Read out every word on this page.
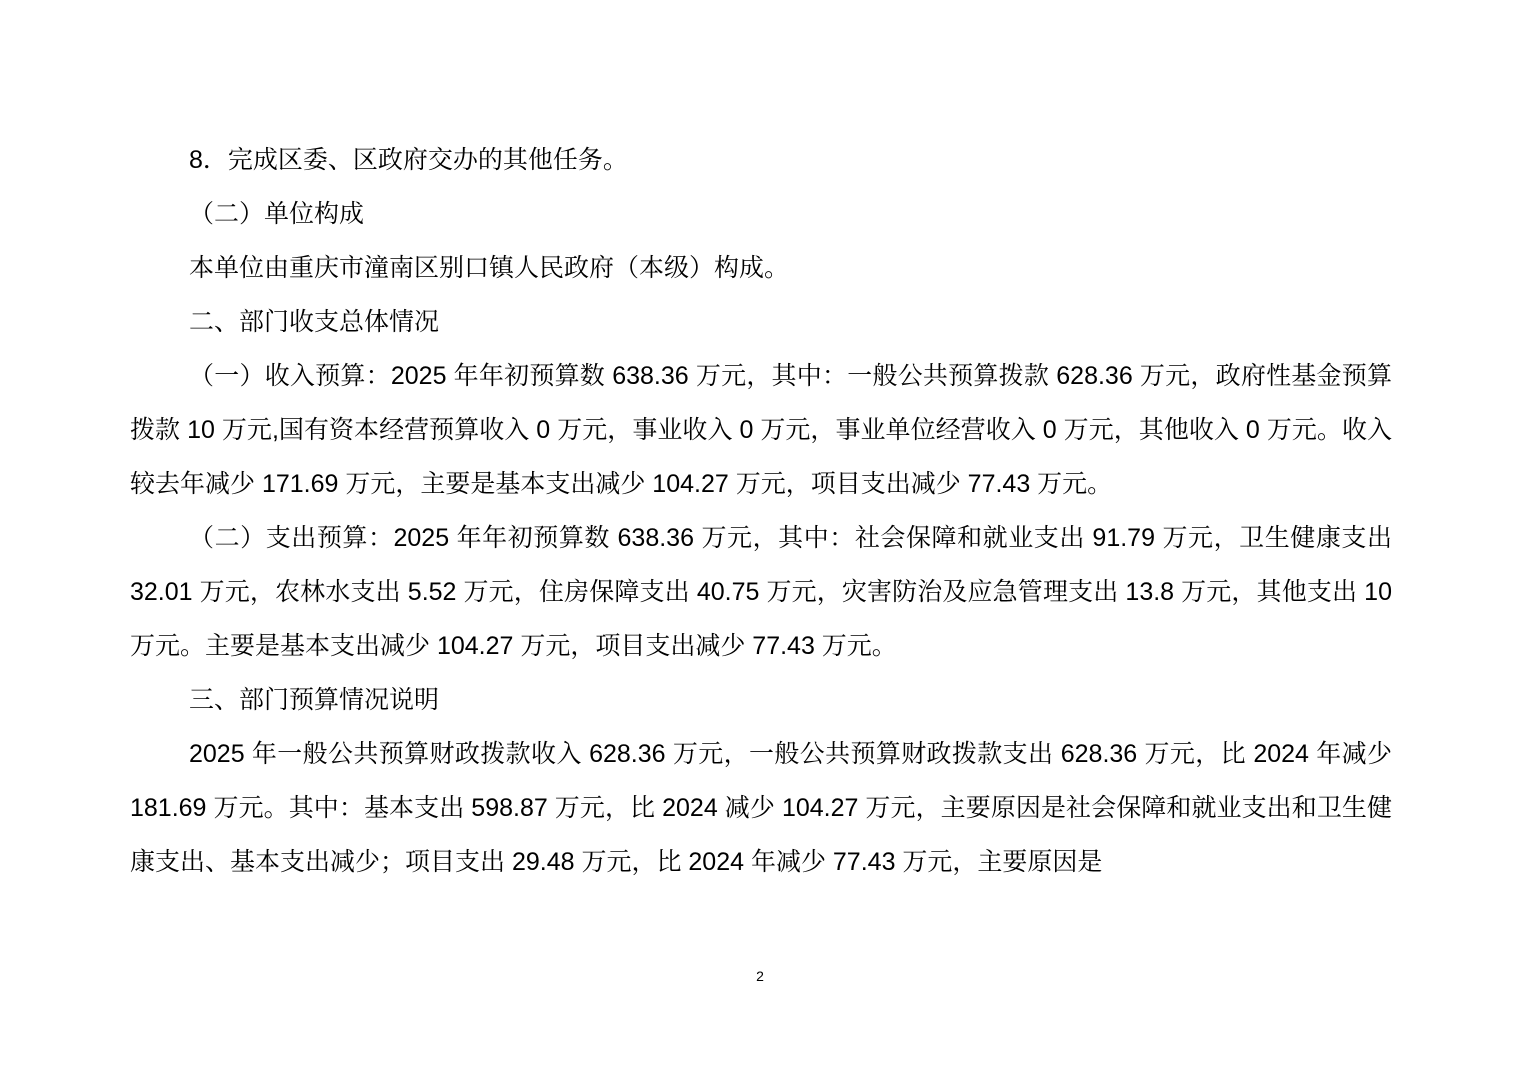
8．完成区委、区政府交办的其他任务。

（二）单位构成

本单位由重庆市潼南区别口镇人民政府（本级）构成。

二、部门收支总体情况

（一）收入预算：2025 年年初预算数 638.36 万元，其中：一般公共预算拨款 628.36 万元，政府性基金预算拨款 10 万元,国有资本经营预算收入 0 万元，事业收入 0 万元，事业单位经营收入 0 万元，其他收入 0 万元。收入较去年减少 171.69 万元，主要是基本支出减少 104.27 万元，项目支出减少 77.43 万元。

（二）支出预算：2025 年年初预算数 638.36 万元，其中：社会保障和就业支出 91.79 万元，卫生健康支出 32.01 万元，农林水支出 5.52 万元，住房保障支出 40.75 万元，灾害防治及应急管理支出 13.8 万元，其他支出 10 万元。主要是基本支出减少 104.27 万元，项目支出减少 77.43 万元。

三、部门预算情况说明

2025 年一般公共预算财政拨款收入 628.36 万元，一般公共预算财政拨款支出 628.36 万元，比 2024 年减少 181.69 万元。其中：基本支出 598.87 万元，比 2024 减少 104.27 万元，主要原因是社会保障和就业支出和卫生健康支出、基本支出减少；项目支出 29.48 万元，比 2024 年减少 77.43 万元，主要原因是

2
